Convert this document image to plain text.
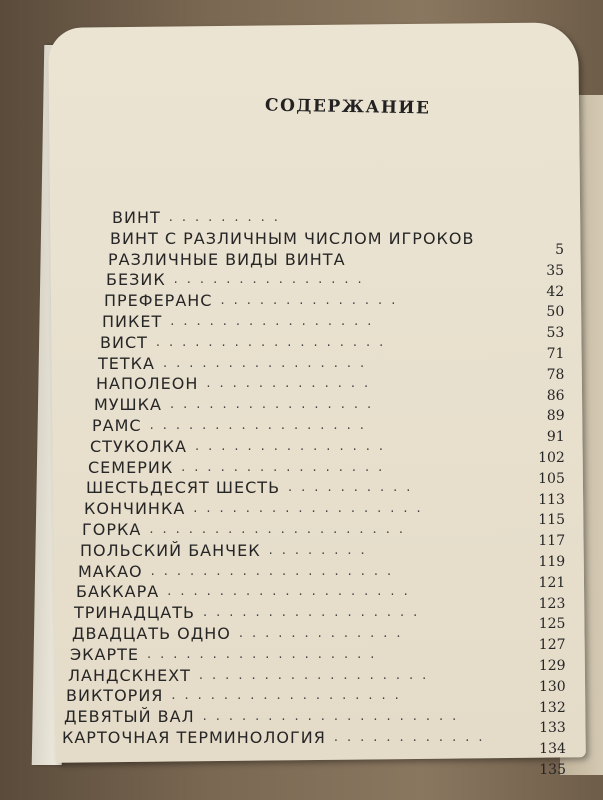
СОДЕРЖАНИЕ
ВИНТ .........
5
ВИНТ С РАЗЛИЧНЫМ ЧИСЛОМ ИГРОКОВ
35
РАЗЛИЧНЫЕ ВИДЫ ВИНТА
42
БЕЗИК ...............
50
ПРЕФЕРАНС ..............
53
ПИКЕТ ................
71
ВИСТ ..................
78
ТЕТКА ................
86
НАПОЛЕОН .............
89
МУШКА ................
91
РАМС .................
102
СТУКОЛКА ...............
105
СЕМЕРИК ................
113
ШЕСТЬДЕСЯТ ШЕСТЬ ..........
115
КОНЧИНКА ..................
117
ГОРКА ....................
119
ПОЛЬСКИЙ БАНЧЕК ........
121
МАКАО ...................
123
БАККАРА ...................
125
ТРИНАДЦАТЬ .................
127
ДВАДЦАТЬ ОДНО .............
129
ЭКАРТЕ ..................
130
ЛАНДСКНЕХТ ..................
132
ВИКТОРИЯ ..................
133
ДЕВЯТЫЙ ВАЛ ....................
134
КАРТОЧНАЯ ТЕРМИНОЛОГИЯ ............
135
